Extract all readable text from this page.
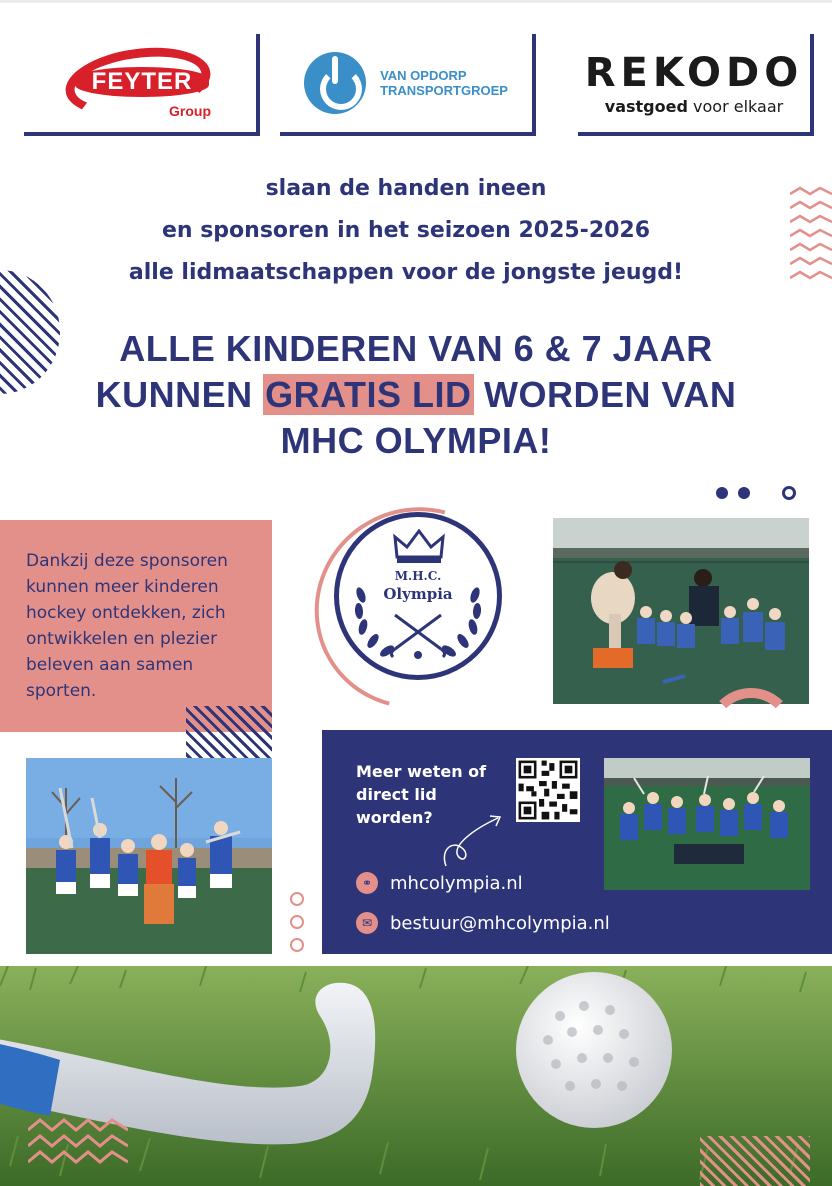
FEYTER
Group
VAN OPDORP
TRANSPORTGROEP REKODO
vastgoed voor elkaar
slaan de handen ineen
en sponsoren in het seizoen 2025-2026
alle lidmaatschappen voor de jongste jeugd!
ALLE KINDEREN VAN 6 & 7 JAAR
KUNNEN GRATIS LID WORDEN VAN
MHC OLYMPIA!

Dankzij deze sponsoren kunnen meer kinderen hockey ontdekken, zich ontwikkelen en plezier beleven aan samen sporten.

M.H.C.
Olympia
Meer weten of direct lid worden?
⚭ mhcolympia.nl
✉ bestuur@mhcolympia.nl
